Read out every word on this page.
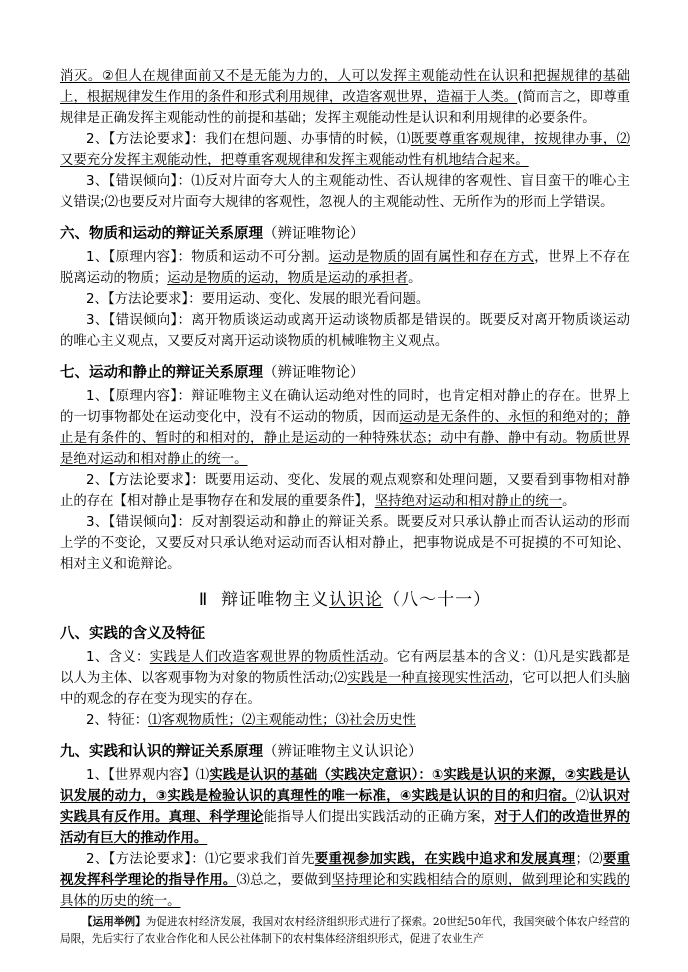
消灭。②但人在规律面前又不是无能为力的，人可以发挥主观能动性在认识和把握规律的基础上，根据规律发生作用的条件和形式利用规律，改造客观世界，造福于人类。(简而言之，即尊重规律是正确发挥主观能动性的前提和基础；发挥主观能动性是认识和利用规律的必要条件。

2、【方法论要求】：我们在想问题、办事情的时候，⑴既要尊重客观规律，按规律办事，⑵又要充分发挥主观能动性，把尊重客观规律和发挥主观能动性有机地结合起来。

3、【错误倾向】：⑴反对片面夸大人的主观能动性、否认规律的客观性、盲目蛮干的唯心主义错误;⑵也要反对片面夸大规律的客观性，忽视人的主观能动性、无所作为的形而上学错误。

六、物质和运动的辩证关系原理（辨证唯物论）

1、【原理内容】：物质和运动不可分割。运动是物质的固有属性和存在方式，世界上不存在脱离运动的物质；运动是物质的运动，物质是运动的承担者。

2、【方法论要求】：要用运动、变化、发展的眼光看问题。

3、【错误倾向】：离开物质谈运动或离开运动谈物质都是错误的。既要反对离开物质谈运动的唯心主义观点，又要反对离开运动谈物质的机械唯物主义观点。

七、运动和静止的辩证关系原理（辨证唯物论）

1、【原理内容】：辩证唯物主义在确认运动绝对性的同时，也肯定相对静止的存在。世界上的一切事物都处在运动变化中，没有不运动的物质，因而运动是无条件的、永恒的和绝对的；静止是有条件的、暂时的和相对的，静止是运动的一种特殊状态；动中有静、静中有动。物质世界是绝对运动和相对静止的统一。

2、【方法论要求】：既要用运动、变化、发展的观点观察和处理问题，又要看到事物相对静止的存在【相对静止是事物存在和发展的重要条件】，坚持绝对运动和相对静止的统一。

3、【错误倾向】：反对割裂运动和静止的辩证关系。既要反对只承认静止而否认运动的形而上学的不变论，又要反对只承认绝对运动而否认相对静止，把事物说成是不可捉摸的不可知论、相对主义和诡辩论。

Ⅱ 辩证唯物主义认识论（八～十一）
八、实践的含义及特征

1、含义：实践是人们改造客观世界的物质性活动。它有两层基本的含义：⑴凡是实践都是以人为主体、以客观事物为对象的物质性活动;⑵实践是一种直接现实性活动，它可以把人们头脑中的观念的存在变为现实的存在。

2、特征：⑴客观物质性；⑵主观能动性；⑶社会历史性

九、实践和认识的辩证关系原理（辨证唯物主义认识论）

1、【世界观内容】⑴实践是认识的基础（实践决定意识）：①实践是认识的来源，②实践是认识发展的动力，③实践是检验认识的真理性的唯一标准，④实践是认识的目的和归宿。⑵认识对实践具有反作用。真理、科学理论能指导人们提出实践活动的正确方案，对于人们的改造世界的活动有巨大的推动作用。

2、【方法论要求】：⑴它要求我们首先要重视参加实践，在实践中追求和发展真理；⑵要重视发挥科学理论的指导作用。⑶总之，要做到坚持理论和实践相结合的原则，做到理论和实践的具体的历史的统一。

【运用举例】为促进农村经济发展，我国对农村经济组织形式进行了探索。20世纪50年代，我国突破个体农户经营的局限，先后实行了农业合作化和人民公社体制下的农村集体经济组织形式，促进了农业生产
